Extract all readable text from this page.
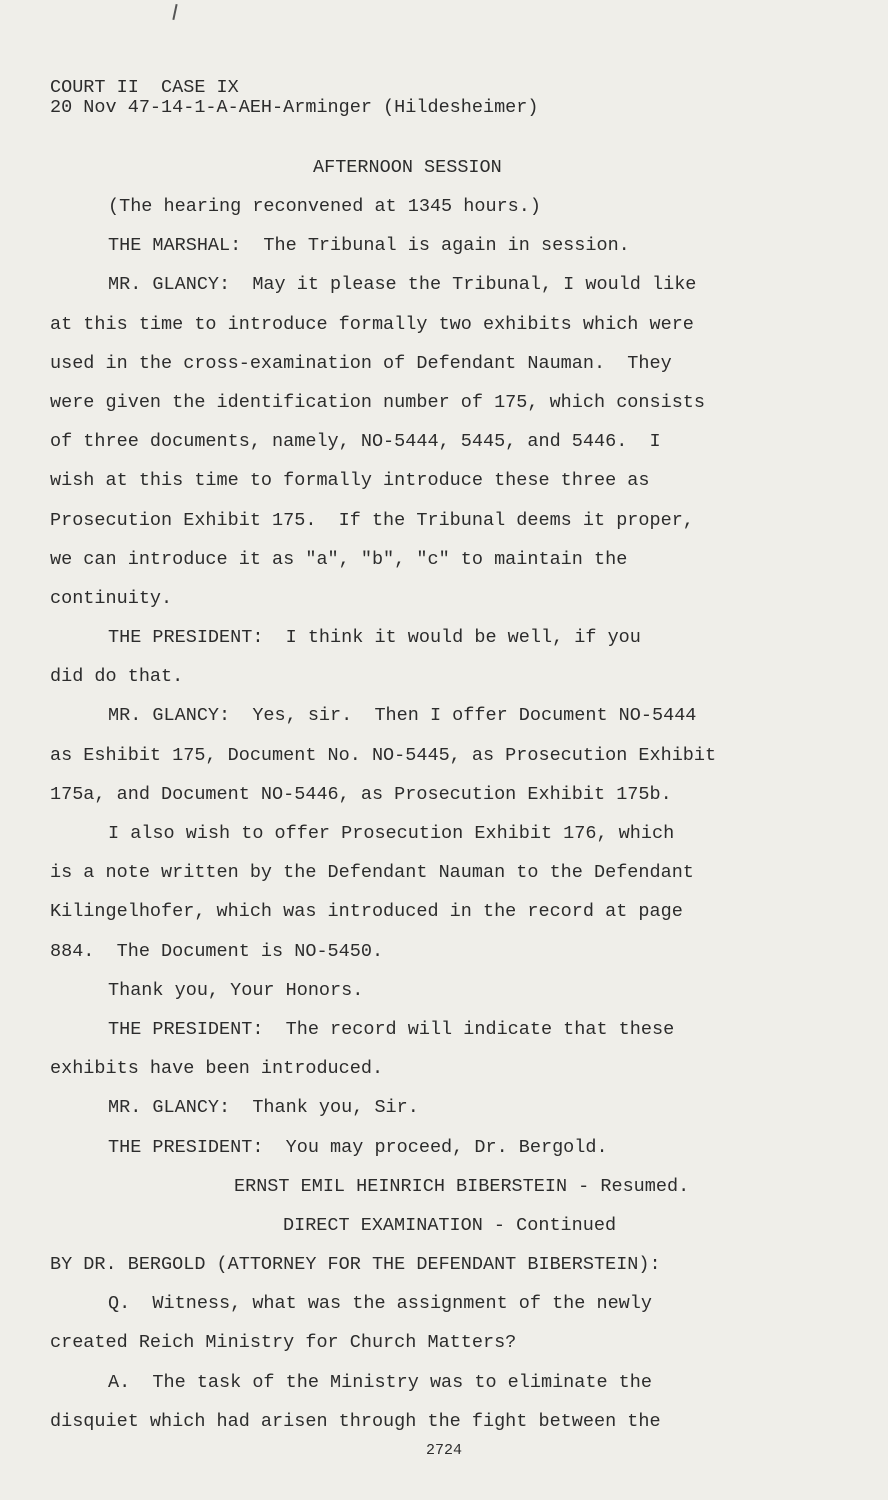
COURT II  CASE IX
20 Nov 47-14-1-A-AEH-Arminger (Hildesheimer)
AFTERNOON SESSION
(The hearing reconvened at 1345 hours.)
THE MARSHAL:  The Tribunal is again in session.
MR. GLANCY:  May it please the Tribunal, I would like
at this time to introduce formally two exhibits which were
used in the cross-examination of Defendant Nauman.  They
were given the identification number of 175, which consists
of three documents, namely, NO-5444, 5445, and 5446.  I
wish at this time to formally introduce these three as
Prosecution Exhibit 175.  If the Tribunal deems it proper,
we can introduce it as "a", "b", "c" to maintain the
continuity.
THE PRESIDENT:  I think it would be well, if you
did do that.
MR. GLANCY:  Yes, sir.  Then I offer Document NO-5444
as Eshibit 175, Document No. NO-5445, as Prosecution Exhibit
175a, and Document NO-5446, as Prosecution Exhibit 175b.
I also wish to offer Prosecution Exhibit 176, which
is a note written by the Defendant Nauman to the Defendant
Kilingelhofer, which was introduced in the record at page
884.  The Document is NO-5450.
Thank you, Your Honors.
THE PRESIDENT:  The record will indicate that these
exhibits have been introduced.
MR. GLANCY:  Thank you, Sir.
THE PRESIDENT:  You may proceed, Dr. Bergold.
ERNST EMIL HEINRICH BIBERSTEIN - Resumed.
DIRECT EXAMINATION - Continued
BY DR. BERGOLD (ATTORNEY FOR THE DEFENDANT BIBERSTEIN):
Q.  Witness, what was the assignment of the newly
created Reich Ministry for Church Matters?
A.  The task of the Ministry was to eliminate the
disquiet which had arisen through the fight between the
2724
